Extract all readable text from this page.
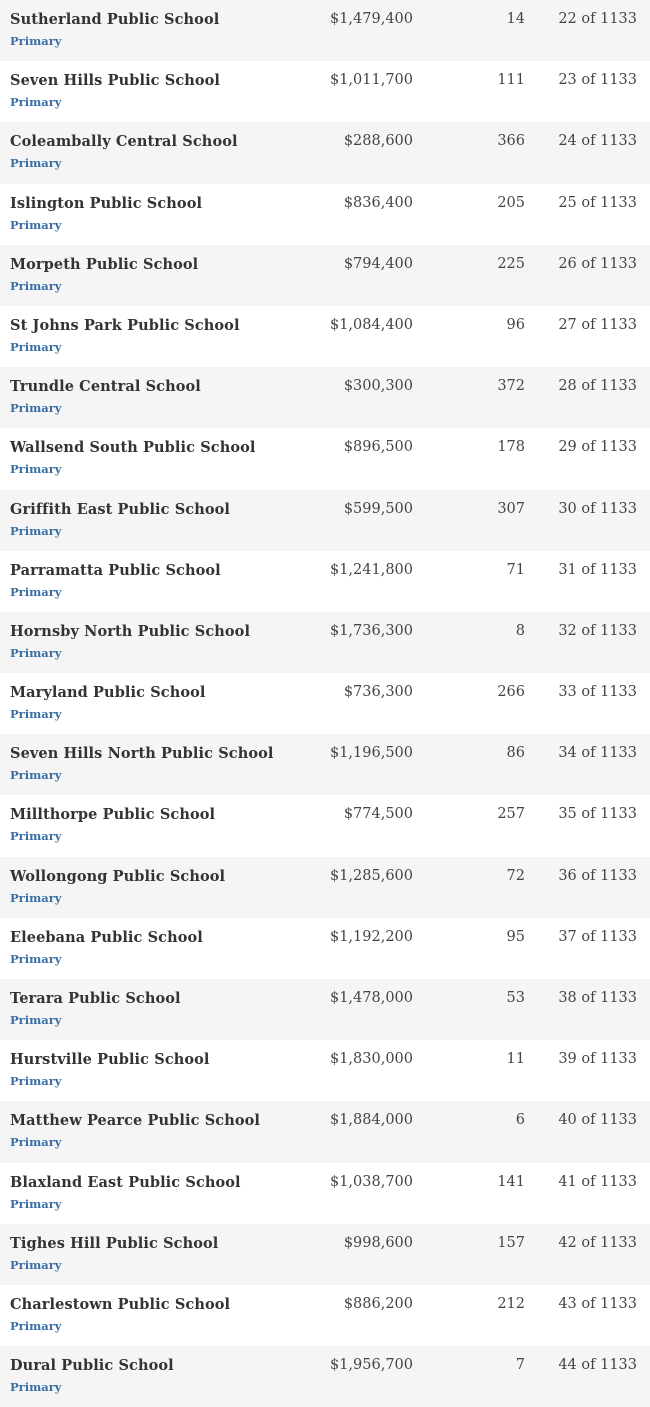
Sutherland Public School
Primary
$1,479,400	14 22 of 1133
Seven Hills Public School
Primary
$1,011,700	111 23 of 1133
Coleambally Central School
Primary
$288,600	366 24 of 1133
Islington Public School
Primary
$836,400	205 25 of 1133
Morpeth Public School
Primary
$794,400	225 26 of 1133
St Johns Park Public School
Primary
$1,084,400	96 27 of 1133
Trundle Central School
Primary
$300,300	372 28 of 1133
Wallsend South Public School
Primary
$896,500	178 29 of 1133
Griffith East Public School
Primary
$599,500	307 30 of 1133
Parramatta Public School
Primary
$1,241,800	71 31 of 1133
Hornsby North Public School
Primary
$1,736,300	8 32 of 1133
Maryland Public School
Primary
$736,300	266 33 of 1133
Seven Hills North Public School
Primary
$1,196,500	86 34 of 1133
Millthorpe Public School
Primary
$774,500	257 35 of 1133
Wollongong Public School
Primary
$1,285,600	72 36 of 1133
Eleebana Public School
Primary
$1,192,200	95 37 of 1133
Terara Public School
Primary
$1,478,000	53 38 of 1133
Hurstville Public School
Primary
$1,830,000	11 39 of 1133
Matthew Pearce Public School
Primary
$1,884,000	6 40 of 1133
Blaxland East Public School
Primary
$1,038,700	141 41 of 1133
Tighes Hill Public School
Primary
$998,600	157 42 of 1133
Charlestown Public School
Primary
$886,200	212 43 of 1133
Dural Public School
Primary
$1,956,700	7 44 of 1133
